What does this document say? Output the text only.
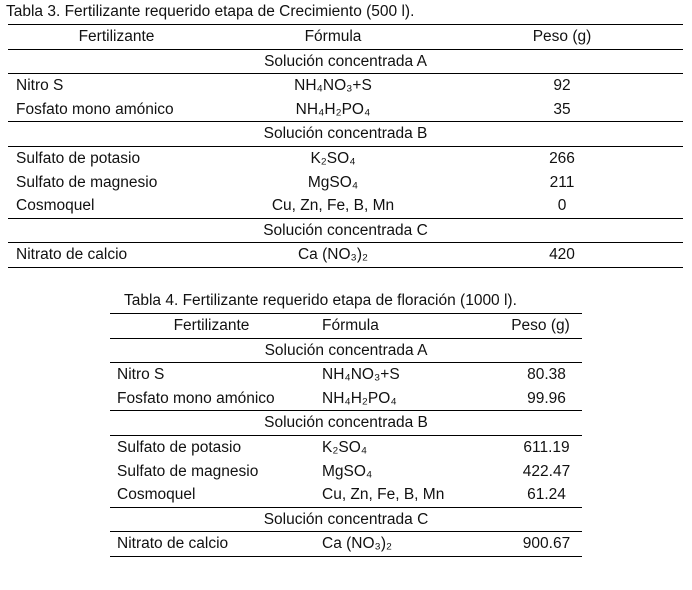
Tabla 3. Fertilizante requerido etapa de Crecimiento (500 l).
Fertilizante	Fórmula	Peso (g)
Solución concentrada A		
Nitro S	NH₄NO₃+S	92
Fosfato mono amónico	NH₄H₂PO₄	35
Solución concentrada B		
Sulfato de potasio	K₂SO₄	266
Sulfato de magnesio	MgSO₄	211
Cosmoquel	Cu, Zn, Fe, B, Mn	0
Solución concentrada C		
Nitrato de calcio	Ca (NO₃)₂	420
Tabla 4. Fertilizante requerido etapa de floración (1000 l).
Fertilizante	Fórmula	Peso (g)
Solución concentrada A		
Nitro S	NH₄NO₃+S	80.38
Fosfato mono amónico	NH₄H₂PO₄	99.96
Solución concentrada B		
Sulfato de potasio	K₂SO₄	611.19
Sulfato de magnesio	MgSO₄	422.47
Cosmoquel	Cu, Zn, Fe, B, Mn	61.24
Solución concentrada C		
Nitrato de calcio	Ca (NO₃)₂	900.67
